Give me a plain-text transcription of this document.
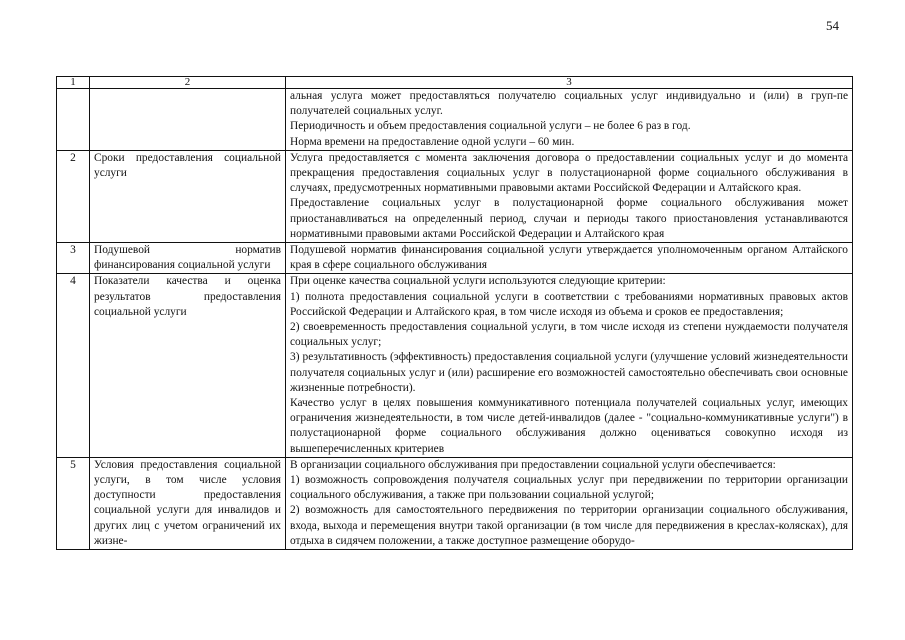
54
1	2	3

		альная услуга может предоставляться получателю социальных услуг индивидуально и (или) в груп-пе получателей социальных услуг.

Периодичность и объем предоставления социальной услуги – не более 6 раз в год.

Норма времени на предоставление одной услуги – 60 мин.

2	Сроки предоставления социальной услуги	Услуга предоставляется с момента заключения договора о предоставлении социальных услуг и до момента прекращения предоставления социальных услуг в полустационарной форме социального обслуживания в случаях, предусмотренных нормативными правовыми актами Российской Федерации и Алтайского края.

Предоставление социальных услуг в полустационарной форме социального обслуживания может приостанавливаться на определенный период, случаи и периоды такого приостановления устанавливаются нормативными правовыми актами Российской Федерации и Алтайского края

3	Подушевой норматив финансирования социальной услуги	Подушевой норматив финансирования социальной услуги утверждается уполномоченным органом Алтайского края в сфере социального обслуживания

4	Показатели качества и оценка результатов предоставления социальной услуги	При оценке качества социальной услуги используются следующие критерии:

1) полнота предоставления социальной услуги в соответствии с требованиями нормативных правовых актов Российской Федерации и Алтайского края, в том числе исходя из объема и сроков ее предоставления;

2) своевременность предоставления социальной услуги, в том числе исходя из степени нуждаемости получателя социальных услуг;

3) результативность (эффективность) предоставления социальной услуги (улучшение условий жизнедеятельности получателя социальных услуг и (или) расширение его возможностей самостоятельно обеспечивать свои основные жизненные потребности).

Качество услуг в целях повышения коммуникативного потенциала получателей социальных услуг, имеющих ограничения жизнедеятельности, в том числе детей-инвалидов (далее - "социально-коммуникативные услуги") в полустационарной форме социального обслуживания должно оцениваться совокупно исходя из вышеперечисленных критериев

5	Условия предоставления социальной услуги, в том числе условия доступности предоставления социальной услуги для инвалидов и других лиц с учетом ограничений их жизне-	В организации социального обслуживания при предоставлении социальной услуги обеспечивается:

1) возможность сопровождения получателя социальных услуг при передвижении по территории организации социального обслуживания, а также при пользовании социальной услугой;

2) возможность для самостоятельного передвижения по территории организации социального обслуживания, входа, выхода и перемещения внутри такой организации (в том числе для передвижения в креслах-колясках), для отдыха в сидячем положении, а также доступное размещение оборудо-
